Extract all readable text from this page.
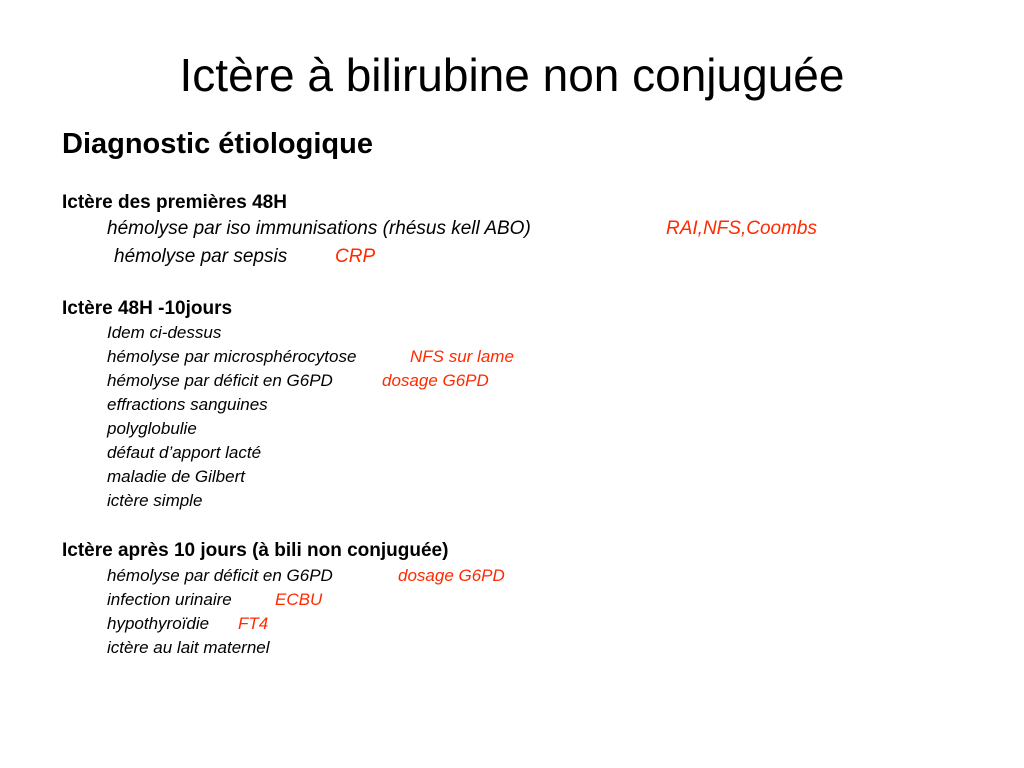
Ictère à bilirubine non conjuguée
Diagnostic étiologique
Ictère des premières 48H
hémolyse par iso immunisations (rhésus kell ABO)	RAI,NFS,Coombs
hémolyse par sepsis	CRP
Ictère 48H -10jours
Idem ci-dessus
hémolyse par microsphérocytose	NFS sur lame
hémolyse par déficit en G6PD	dosage G6PD
effractions sanguines
polyglobulie
défaut d’apport lacté
maladie de Gilbert
ictère simple
Ictère après 10 jours (à bili non conjuguée)
hémolyse par déficit en G6PD	dosage G6PD
infection urinaire	ECBU
hypothyroïdie FT4
ictère au lait maternel
